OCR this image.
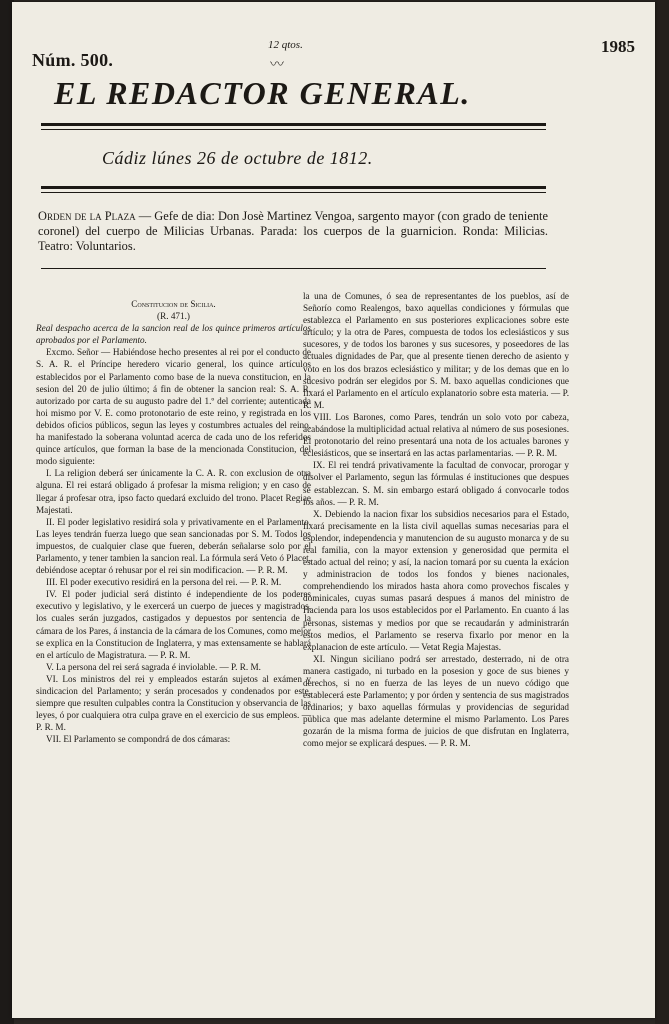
Núm. 500.
12 qtos.
〰
1985
EL REDACTOR GENERAL.
Cádiz lúnes 26 de octubre de 1812.
Orden de la Plaza — Gefe de dia: Don Josè Martinez Vengoa, sargento mayor (con grado de teniente coronel) del cuerpo de Milicias Urbanas. Parada: los cuerpos de la guarnicion. Ronda: Milicias. Teatro: Voluntarios.

Constitucion de Sicilia.

(R. 471.)

Real despacho acerca de la sancion real de los quince primeros artículos aprobados por el Parlamento.

Excmo. Señor — Habiéndose hecho presentes al rei por el conducto de S. A. R. el Príncipe heredero vicario general, los quince artículos establecidos por el Parlamento como base de la nueva constitucion, en la sesion del 20 de julio último; á fin de obtener la sancion real: S. A. R. autorizado por carta de su augusto padre del 1.º del corriente; autenticada hoi mismo por V. E. como protonotario de este reino, y registrada en los debidos oficios públicos, segun las leyes y costumbres actuales del reino, ha manifestado la soberana voluntad acerca de cada uno de los referidos quince artículos, que forman la base de la mencionada Constitucion, del modo siguiente:

I. La religion deberá ser únicamente la C. A. R. con exclusion de otra alguna. El rei estará obligado á profesar la misma religion; y en caso de llegar á profesar otra, ipso facto quedará excluido del trono. Placet Regiae Majestati.

II. El poder legislativo residirá sola y privativamente en el Parlamento. Las leyes tendrán fuerza luego que sean sancionadas por S. M. Todos los impuestos, de cualquier clase que fueren, deberán señalarse solo por el Parlamento, y tener tambien la sancion real. La fórmula será Veto ó Placet, debiéndose aceptar ó rehusar por el rei sin modificacion. — P. R. M.

III. El poder executivo residirá en la persona del rei. — P. R. M.

IV. El poder judicial será distinto é independiente de los poderes executivo y legislativo, y le exercerá un cuerpo de jueces y magistrados, los cuales serán juzgados, castigados y depuestos por sentencia de la cámara de los Pares, á instancia de la cámara de los Comunes, como mejor se explica en la Constitucion de Inglaterra, y mas extensamente se hablará en el artículo de Magistratura. — P. R. M.

V. La persona del rei será sagrada é inviolable. — P. R. M.

VI. Los ministros del rei y empleados estarán sujetos al exámen y sindicacion del Parlamento; y serán procesados y condenados por este, siempre que resulten culpables contra la Constitucion y observancia de las leyes, ó por cualquiera otra culpa grave en el exercicio de sus empleos. — P. R. M.

VII. El Parlamento se compondrá de dos cámaras:

la una de Comunes, ó sea de representantes de los pueblos, así de Señorío como Realengos, baxo aquellas condiciones y fórmulas que establezca el Parlamento en sus posteriores explicaciones sobre este artículo; y la otra de Pares, compuesta de todos los eclesiásticos y sus sucesores, y de todos los barones y sus sucesores, y poseedores de las actuales dignidades de Par, que al presente tienen derecho de asiento y voto en los dos brazos eclesiástico y militar; y de los demas que en lo sucesivo podrán ser elegidos por S. M. baxo aquellas condiciones que fixará el Parlamento en el artículo explanatorio sobre esta materia. — P. R. M.

VIII. Los Barones, como Pares, tendrán un solo voto por cabeza, acabándose la multiplicidad actual relativa al número de sus posesiones. El protonotario del reino presentará una nota de los actuales barones y eclesiásticos, que se insertará en las actas parlamentarias. — P. R. M.

IX. El rei tendrá privativamente la facultad de convocar, prorogar y disolver el Parlamento, segun las fórmulas é instituciones que despues se establezcan. S. M. sin embargo estará obligado á convocarle todos los años. — P. R. M.

X. Debiendo la nacion fixar los subsidios necesarios para el Estado, fixará precisamente en la lista civil aquellas sumas necesarias para el esplendor, independencia y manutencion de su augusto monarca y de su real familia, con la mayor extension y generosidad que permita el estado actual del reino; y así, la nacion tomará por su cuenta la exácion y administracion de todos los fondos y bienes nacionales, comprehendiendo los mirados hasta ahora como provechos fiscales y dominicales, cuyas sumas pasará despues á manos del ministro de Hacienda para los usos establecidos por el Parlamento. En cuanto á las personas, sistemas y medios por que se recaudarán y administrarán estos medios, el Parlamento se reserva fixarlo por menor en la explanacion de este artículo. — Vetat Regia Majestas.

XI. Ningun siciliano podrá ser arrestado, desterrado, ni de otra manera castigado, ni turbado en la posesion y goce de sus bienes y derechos, si no en fuerza de las leyes de un nuevo código que establecerá este Parlamento; y por órden y sentencia de sus magistrados ordinarios; y baxo aquellas fórmulas y providencias de seguridad pública que mas adelante determine el mismo Parlamento. Los Pares gozarán de la misma forma de juicios de que disfrutan en Inglaterra, como mejor se explicará despues. — P. R. M.
